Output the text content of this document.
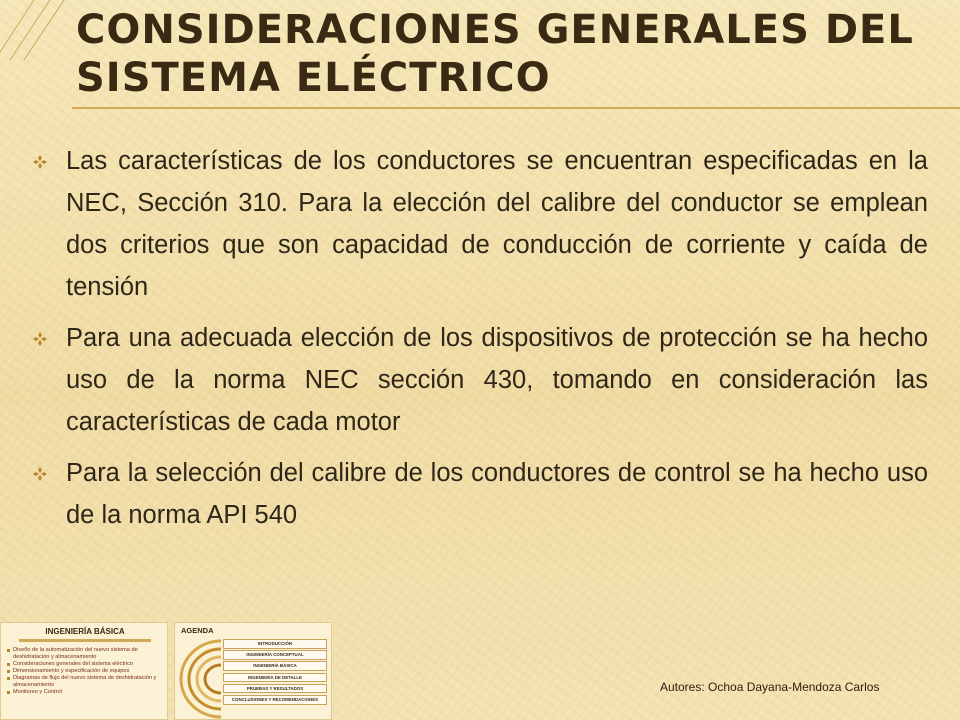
CONSIDERACIONES GENERALES DEL SISTEMA ELÉCTRICO
Las características de los conductores se encuentran especificadas en la NEC, Sección 310. Para la elección del calibre del conductor se emplean dos criterios que son capacidad de conducción de corriente y caída de tensión
Para una adecuada elección de los dispositivos de protección se ha hecho uso de la norma NEC sección 430, tomando en consideración las características de cada motor
Para la selección del calibre de los conductores de control se ha hecho uso de la norma API 540
INGENIERÍA BÁSICA
Diseño de la automatización del nuevo sistema de deshidratación y almacenamiento
Consideraciones generales del sistema eléctrico
Dimensionamiento y especificación de equipos
Diagramas de flujo del nuevo sistema de deshidratación y almacenamiento
Monitoreo y Control
AGENDA
INTRODUCCIÓN
INGENIERÍA CONCEPTUAL
INGENIERÍA BÁSICA
INGENIERÍA DE DETALLE
PRUEBAS Y RESULTADOS
CONCLUSIONES Y RECOMENDACIONES
Autores: Ochoa Dayana-Mendoza Carlos
